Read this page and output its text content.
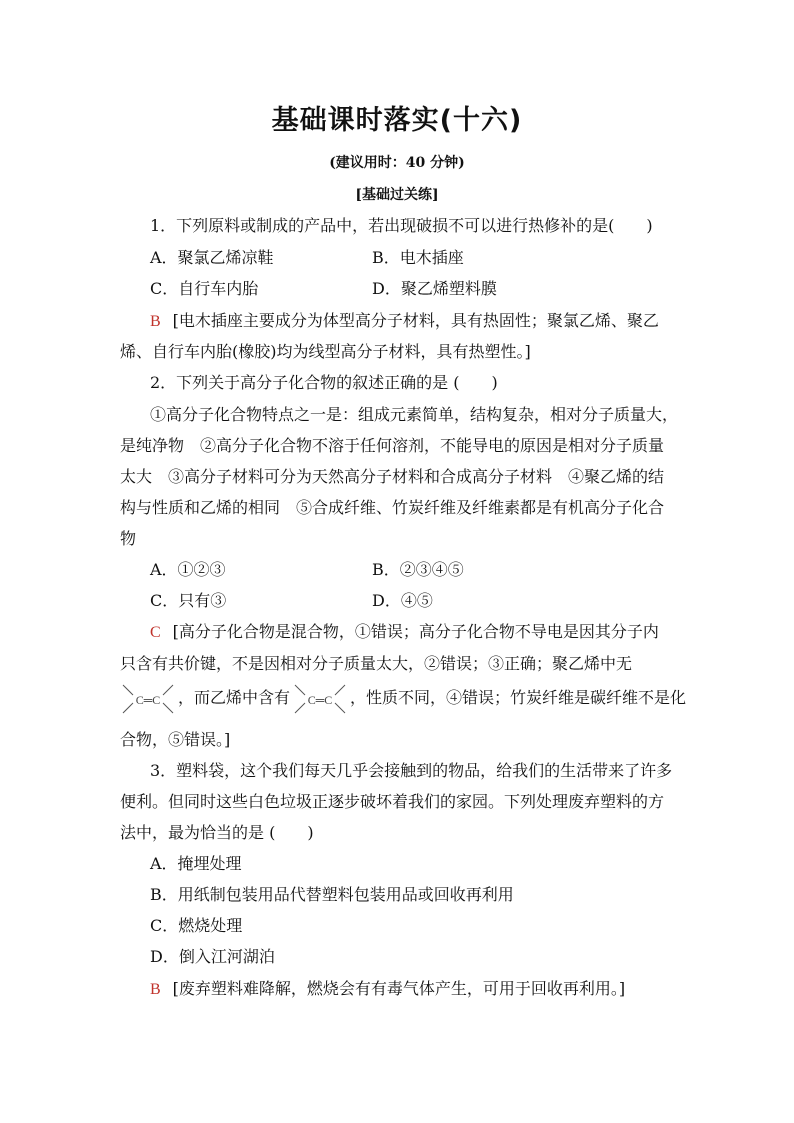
基础课时落实(十六)
(建议用时：40 分钟)
[基础过关练]
1．下列原料或制成的产品中，若出现破损不可以进行热修补的是(　　)
A．聚氯乙烯凉鞋	B．电木插座
C．自行车内胎	D．聚乙烯塑料膜
B [电木插座主要成分为体型高分子材料，具有热固性；聚氯乙烯、聚乙
烯、自行车内胎(橡胶)均为线型高分子材料，具有热塑性。]
2．下列关于高分子化合物的叙述正确的是 (　　)
①高分子化合物特点之一是：组成元素简单，结构复杂，相对分子质量大，
是纯净物　②高分子化合物不溶于任何溶剂，不能导电的原因是相对分子质量
太大　③高分子材料可分为天然高分子材料和合成高分子材料　④聚乙烯的结
构与性质和乙烯的相同　⑤合成纤维、竹炭纤维及纤维素都是有机高分子化合
物
A．①②③	B．②③④⑤
C．只有③	D．④⑤
C [高分子化合物是混合物，①错误；高分子化合物不导电是因其分子内
只含有共价键，不是因相对分子质量太大，②错误；③正确；聚乙烯中无
C═C ，而乙烯中含有 C═C ，性质不同，④错误；竹炭纤维是碳纤维不是化
合物，⑤错误。]
3．塑料袋，这个我们每天几乎会接触到的物品，给我们的生活带来了许多
便利。但同时这些白色垃圾正逐步破坏着我们的家园。下列处理废弃塑料的方
法中，最为恰当的是 (　　)
A．掩埋处理
B．用纸制包装用品代替塑料包装用品或回收再利用
C．燃烧处理
D．倒入江河湖泊
B [废弃塑料难降解，燃烧会有有毒气体产生，可用于回收再利用。]
